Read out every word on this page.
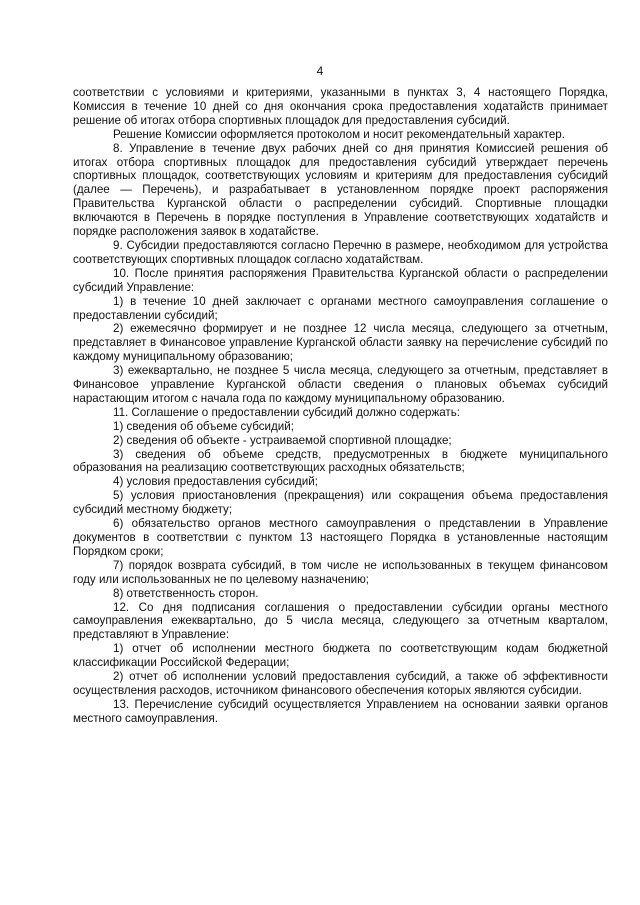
4

соответствии с условиями и критериями, указанными в пунктах 3, 4 настоящего Порядка, Комиссия в течение 10 дней со дня окончания срока предоставления ходатайств принимает решение об итогах отбора спортивных площадок для предоставления субсидий.

Решение Комиссии оформляется протоколом и носит рекомендательный характер.

8. Управление в течение двух рабочих дней со дня принятия Комиссией решения об итогах отбора спортивных площадок для предоставления субсидий утверждает перечень спортивных площадок, соответствующих условиям и критериям для предоставления субсидий (далее — Перечень), и разрабатывает в установленном порядке проект распоряжения Правительства Курганской области о распределении субсидий. Спортивные площадки включаются в Перечень в порядке поступления в Управление соответствующих ходатайств и порядке расположения заявок в ходатайстве.

9. Субсидии предоставляются согласно Перечню в размере, необходимом для устройства соответствующих спортивных площадок согласно ходатайствам.

10. После принятия распоряжения Правительства Курганской области о распределении субсидий Управление:

1) в течение 10 дней заключает с органами местного самоуправления соглашение о предоставлении субсидий;

2) ежемесячно формирует и не позднее 12 числа месяца, следующего за отчетным, представляет в Финансовое управление Курганской области заявку на перечисление субсидий по каждому муниципальному образованию;

3) ежеквартально, не позднее 5 числа месяца, следующего за отчетным, представляет в Финансовое управление Курганской области сведения о плановых объемах субсидий нарастающим итогом с начала года по каждому муниципальному образованию.

11. Соглашение о предоставлении субсидий должно содержать:

1) сведения об объеме субсидий;

2) сведения об объекте - устраиваемой спортивной площадке;

3) сведения об объеме средств, предусмотренных в бюджете муниципального образования на реализацию соответствующих расходных обязательств;

4) условия предоставления субсидий;

5) условия приостановления (прекращения) или сокращения объема предоставления субсидий местному бюджету;

6) обязательство органов местного самоуправления о представлении в Управление документов в соответствии с пунктом 13 настоящего Порядка в установленные настоящим Порядком сроки;

7) порядок возврата субсидий, в том числе не использованных в текущем финансовом году или использованных не по целевому назначению;

8) ответственность сторон.

12. Со дня подписания соглашения о предоставлении субсидии органы местного самоуправления ежеквартально, до 5 числа месяца, следующего за отчетным кварталом, представляют в Управление:

1) отчет об исполнении местного бюджета по соответствующим кодам бюджетной классификации Российской Федерации;

2) отчет об исполнении условий предоставления субсидий, а также об эффективности осуществления расходов, источником финансового обеспечения которых являются субсидии.

13. Перечисление субсидий осуществляется Управлением на основании заявки органов местного самоуправления.
